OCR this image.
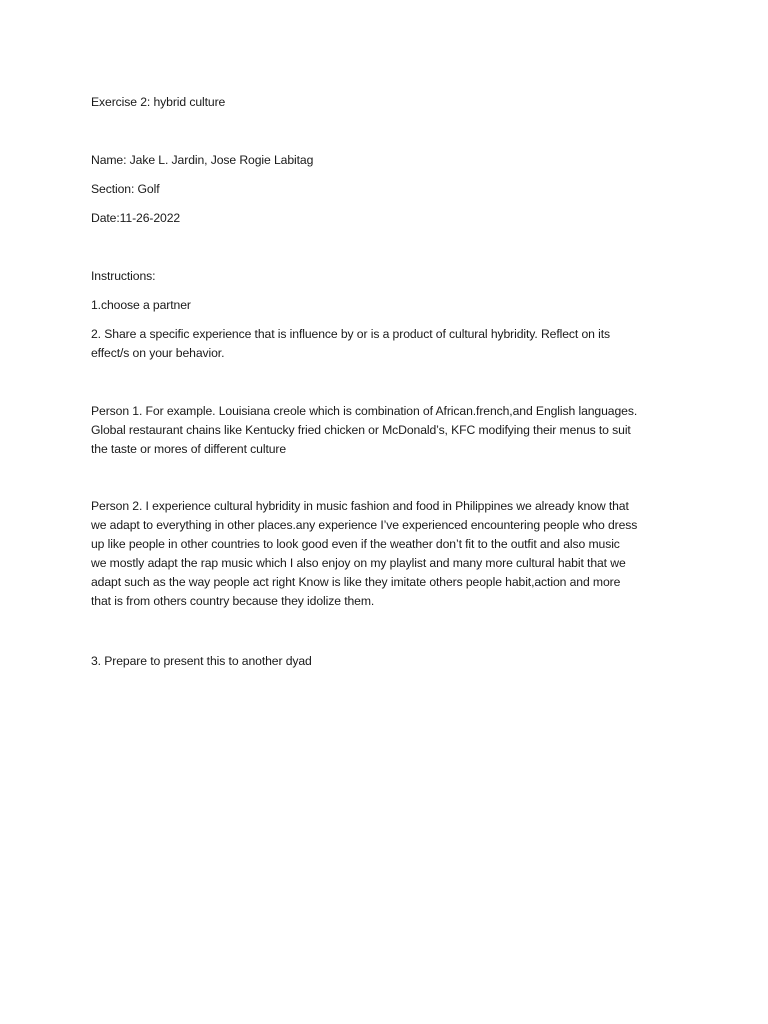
Exercise 2: hybrid culture
Name: Jake L. Jardin, Jose Rogie Labitag
Section: Golf
Date:11-26-2022
Instructions:
1.choose a partner
2. Share a specific experience that is influence by or is a product of cultural hybridity. Reflect on its
effect/s on your behavior.
Person 1. For example. Louisiana creole which is combination of African.french,and English languages.
Global restaurant chains like Kentucky fried chicken or McDonald’s, KFC modifying their menus to suit
the taste or mores of different culture
Person 2. I experience cultural hybridity in music fashion and food in Philippines we already know that
we adapt to everything in other places.any experience I’ve experienced encountering people who dress
up like people in other countries to look good even if the weather don’t fit to the outfit and also music
we mostly adapt the rap music which I also enjoy on my playlist and many more cultural habit that we
adapt such as the way people act right Know is like they imitate others people habit,action and more
that is from others country because they idolize them.
3. Prepare to present this to another dyad
